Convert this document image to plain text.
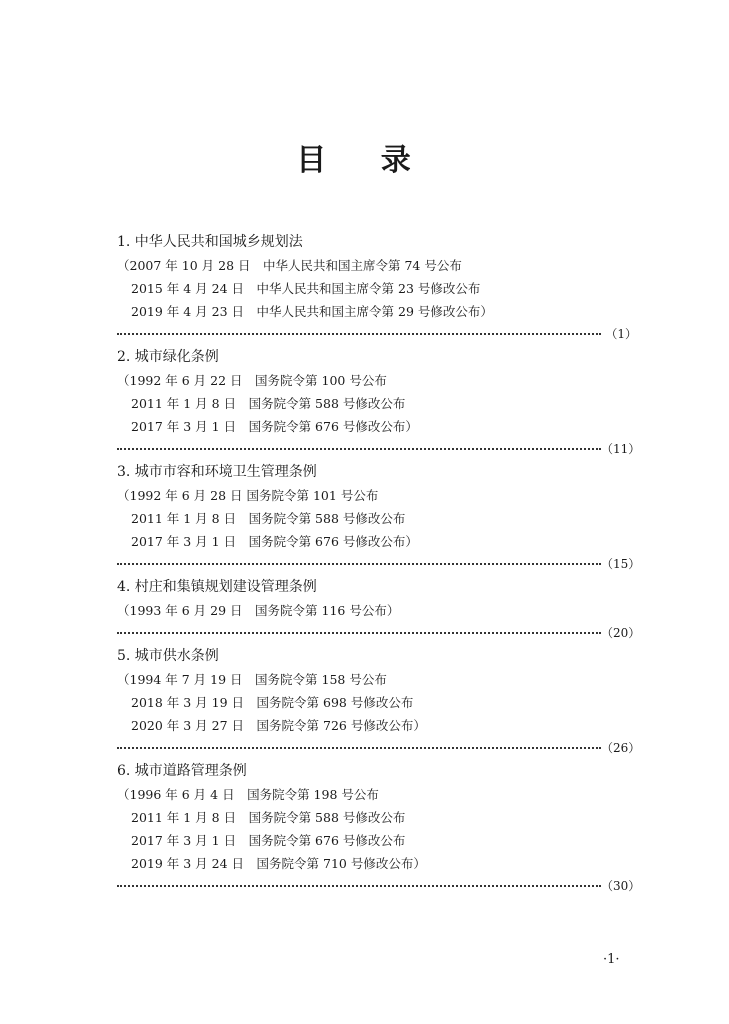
目 录
1. 中华人民共和国城乡规划法
（2007 年 10 月 28 日　中华人民共和国主席令第 74 号公布
2015 年 4 月 24 日　中华人民共和国主席令第 23 号修改公布
2019 年 4 月 23 日　中华人民共和国主席令第 29 号修改公布）
（1）
2. 城市绿化条例
（1992 年 6 月 22 日　国务院令第 100 号公布
2011 年 1 月 8 日　国务院令第 588 号修改公布
2017 年 3 月 1 日　国务院令第 676 号修改公布）
（11）
3. 城市市容和环境卫生管理条例
（1992 年 6 月 28 日 国务院令第 101 号公布
2011 年 1 月 8 日　国务院令第 588 号修改公布
2017 年 3 月 1 日　国务院令第 676 号修改公布）
（15）
4. 村庄和集镇规划建设管理条例
（1993 年 6 月 29 日　国务院令第 116 号公布）
（20）
5. 城市供水条例
（1994 年 7 月 19 日　国务院令第 158 号公布
2018 年 3 月 19 日　国务院令第 698 号修改公布
2020 年 3 月 27 日　国务院令第 726 号修改公布）
（26）
6. 城市道路管理条例
（1996 年 6 月 4 日　国务院令第 198 号公布
2011 年 1 月 8 日　国务院令第 588 号修改公布
2017 年 3 月 1 日　国务院令第 676 号修改公布
2019 年 3 月 24 日　国务院令第 710 号修改公布）
（30）
·1·
